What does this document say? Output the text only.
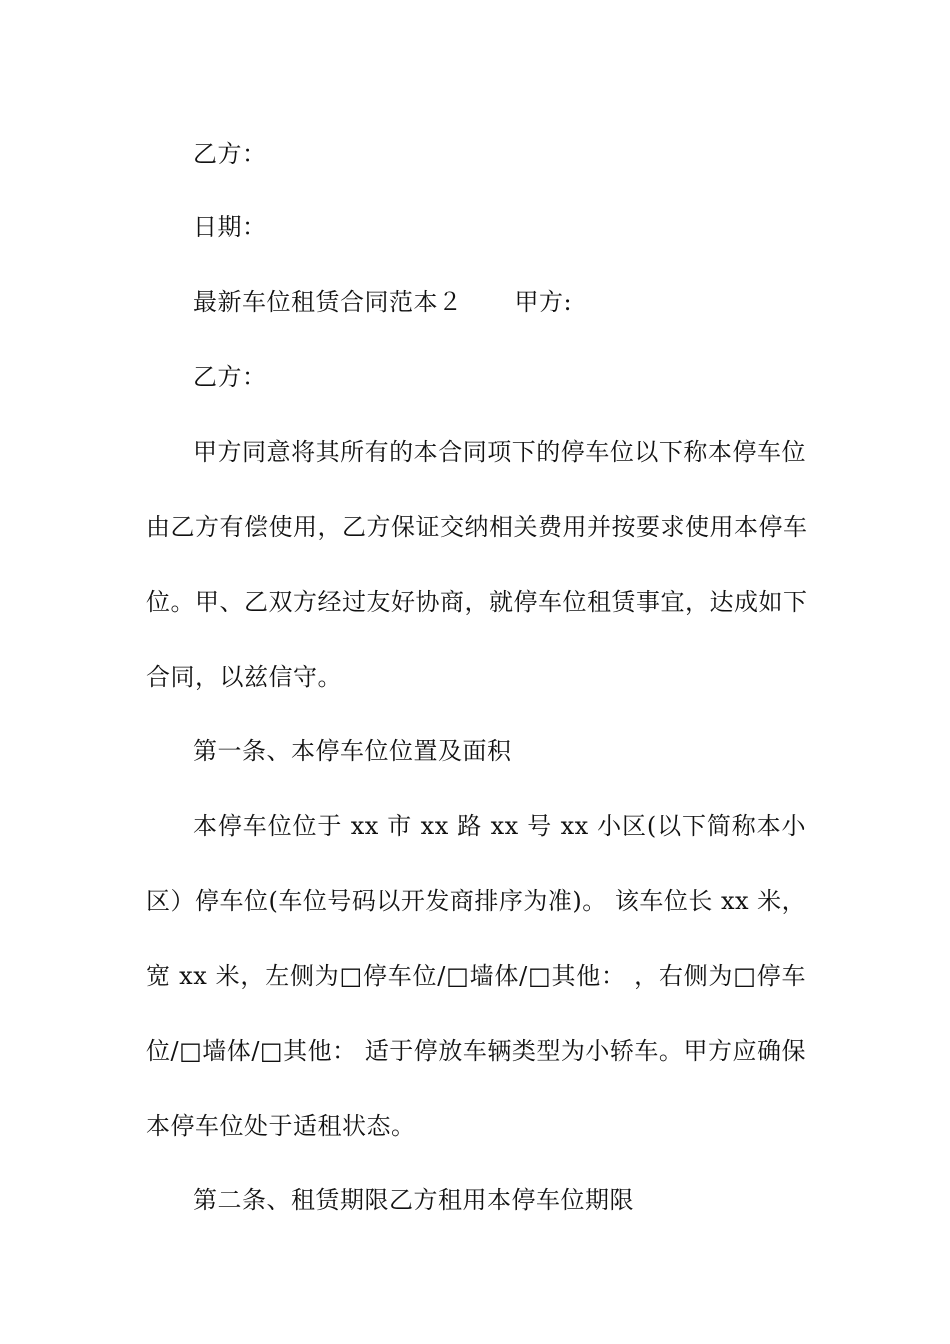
乙方：
日期：
最新车位租赁合同范本２ 甲方:
乙方：
甲方同意将其所有的本合同项下的停车位以下称本停车位
由乙方有偿使用，乙方保证交纳相关费用并按要求使用本停车
位。甲、乙双方经过友好协商，就停车位租赁事宜，达成如下
合同，以兹信守。
第一条、本停车位位置及面积
本停车位位于 xx 市 xx 路 xx 号 xx 小区(以下简称本小
区）停车位(车位号码以开发商排序为准)。 该车位长 xx 米，
宽 xx 米，左侧为□停车位/□墙体/□其他： ，右侧为□停车
位/□墙体/□其他： 适于停放车辆类型为小轿车。甲方应确保
本停车位处于适租状态。
第二条、租赁期限乙方租用本停车位期限
